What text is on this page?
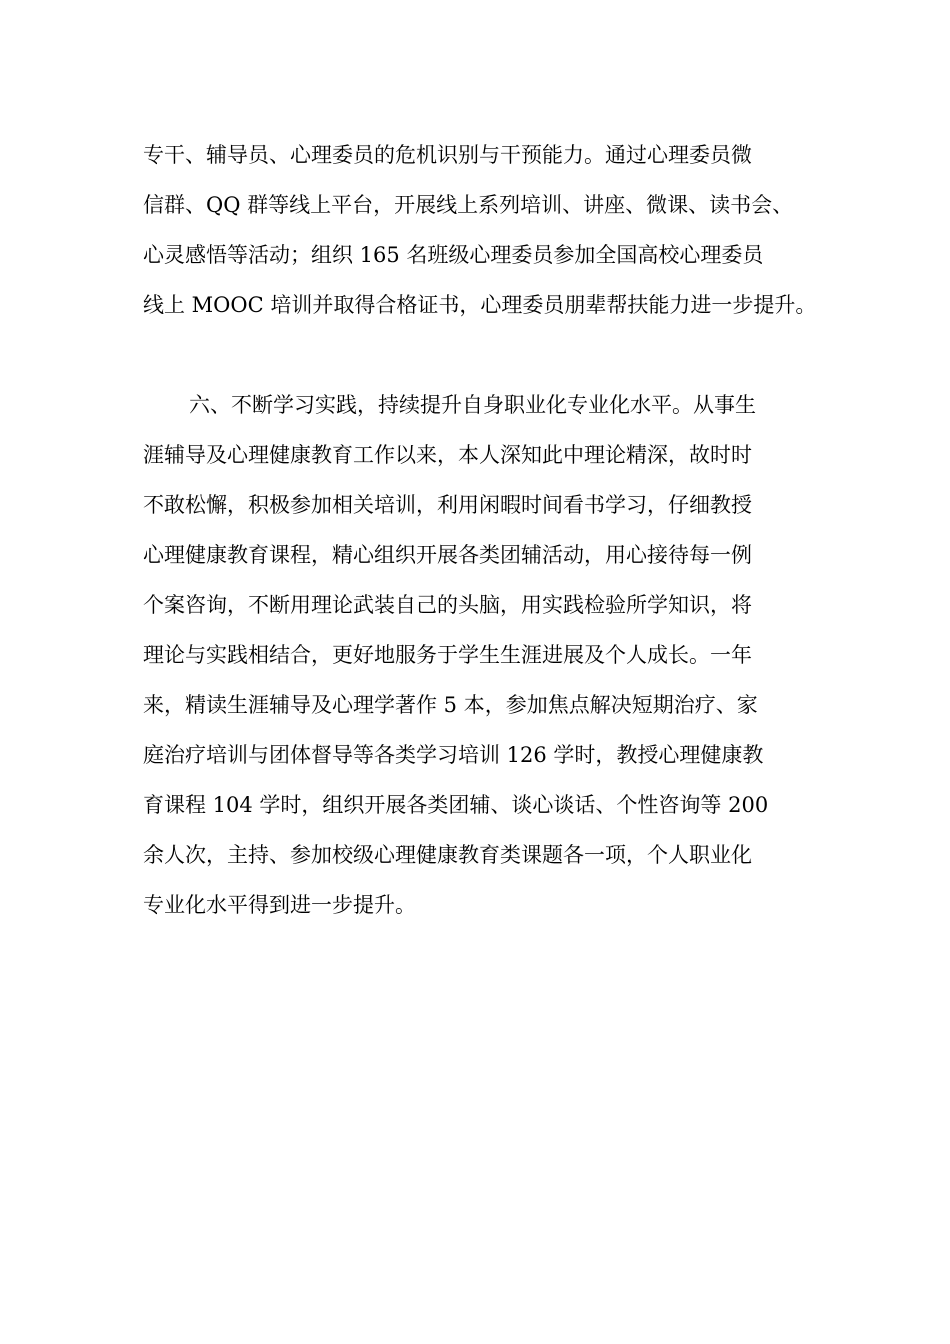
专干、辅导员、心理委员的危机识别与干预能力。通过心理委员微
信群、QQ 群等线上平台，开展线上系列培训、讲座、微课、读书会、
心灵感悟等活动；组织 165 名班级心理委员参加全国高校心理委员
线上 MOOC 培训并取得合格证书，心理委员朋辈帮扶能力进一步提升。
六、不断学习实践，持续提升自身职业化专业化水平。从事生
涯辅导及心理健康教育工作以来，本人深知此中理论精深，故时时
不敢松懈，积极参加相关培训，利用闲暇时间看书学习，仔细教授
心理健康教育课程，精心组织开展各类团辅活动，用心接待每一例
个案咨询，不断用理论武装自己的头脑，用实践检验所学知识，将
理论与实践相结合，更好地服务于学生生涯进展及个人成长。一年
来，精读生涯辅导及心理学著作 5 本，参加焦点解决短期治疗、家
庭治疗培训与团体督导等各类学习培训 126 学时，教授心理健康教
育课程 104 学时，组织开展各类团辅、谈心谈话、个性咨询等 200
余人次，主持、参加校级心理健康教育类课题各一项，个人职业化
专业化水平得到进一步提升。
